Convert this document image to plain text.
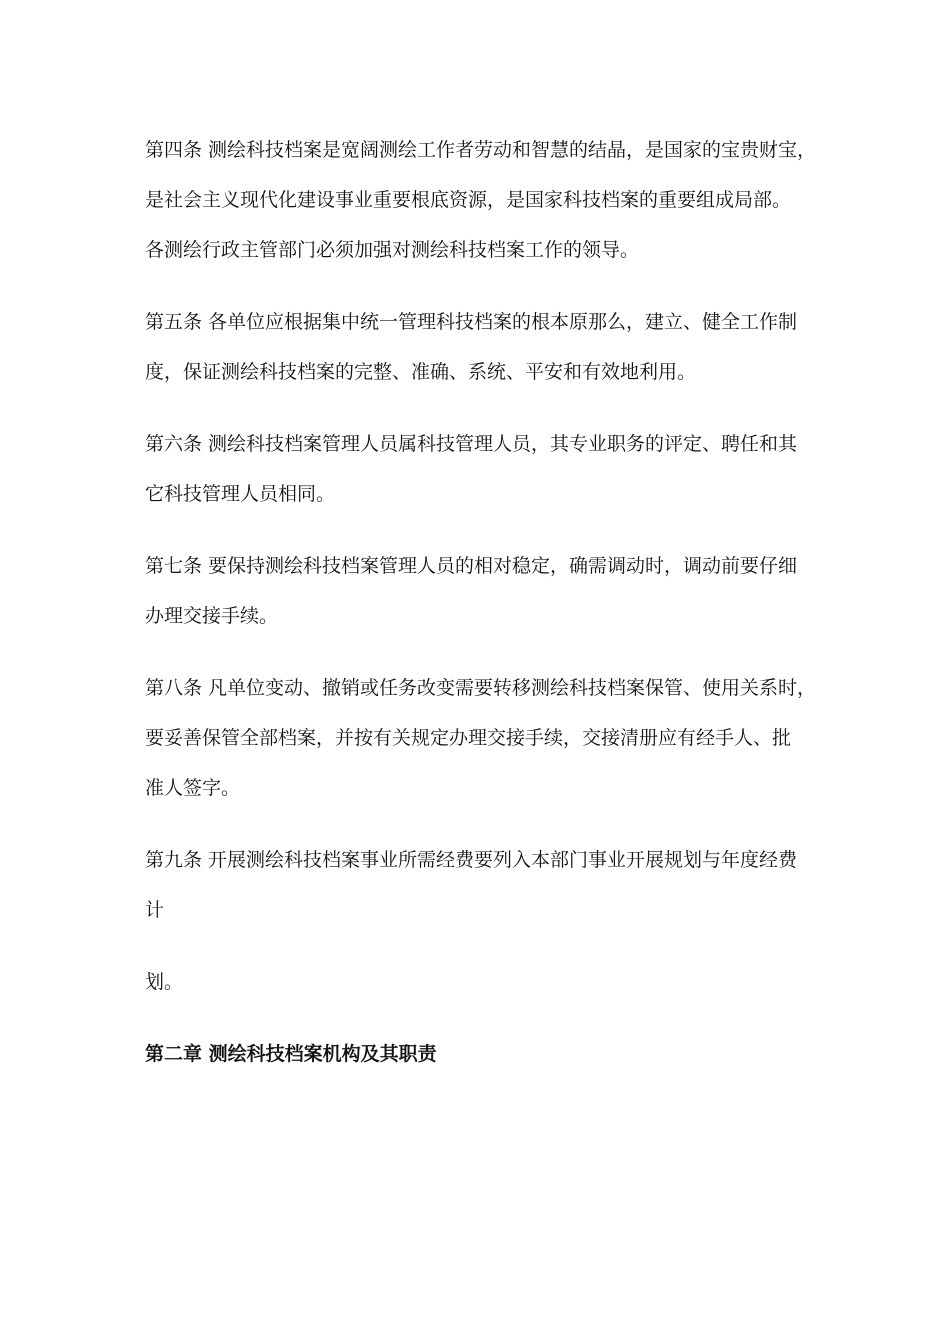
第四条 测绘科技档案是宽阔测绘工作者劳动和智慧的结晶，是国家的宝贵财宝，
是社会主义现代化建设事业重要根底资源，是国家科技档案的重要组成局部。
各测绘行政主管部门必须加强对测绘科技档案工作的领导。
第五条 各单位应根据集中统一管理科技档案的根本原那么，建立、健全工作制
度，保证测绘科技档案的完整、准确、系统、平安和有效地利用。
第六条 测绘科技档案管理人员属科技管理人员，其专业职务的评定、聘任和其
它科技管理人员相同。
第七条 要保持测绘科技档案管理人员的相对稳定，确需调动时，调动前要仔细
办理交接手续。
第八条 凡单位变动、撤销或任务改变需要转移测绘科技档案保管、使用关系时，
要妥善保管全部档案，并按有关规定办理交接手续，交接清册应有经手人、批
准人签字。
第九条 开展测绘科技档案事业所需经费要列入本部门事业开展规划与年度经费
计
划。
第二章 测绘科技档案机构及其职责
